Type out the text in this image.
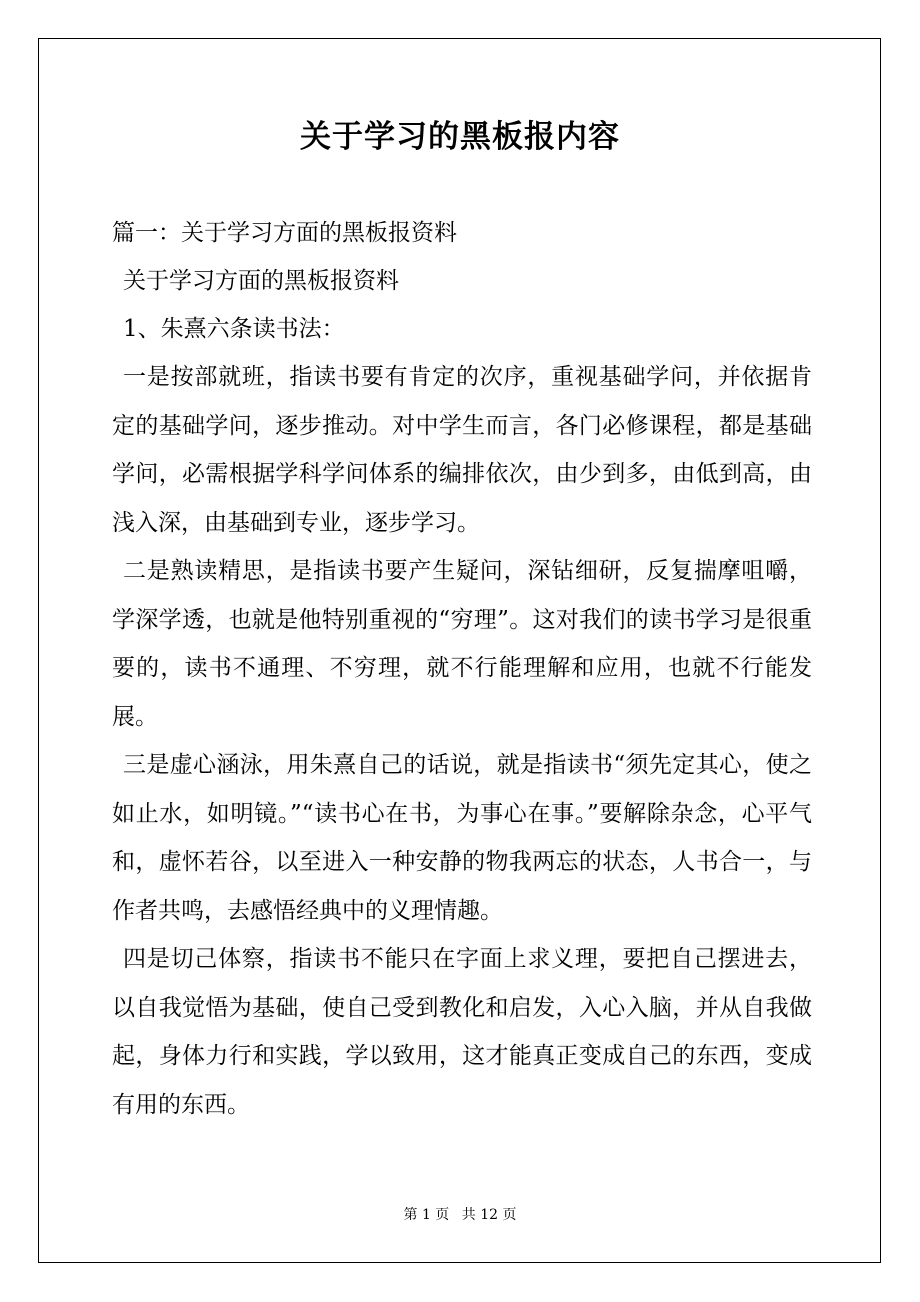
关于学习的黑板报内容
篇一：关于学习方面的黑板报资料
关于学习方面的黑板报资料
1、朱熹六条读书法：

一是按部就班，指读书要有肯定的次序，重视基础学问，并依据肯定的基础学问，逐步推动。对中学生而言，各门必修课程，都是基础学问，必需根据学科学问体系的编排依次，由少到多，由低到高，由浅入深，由基础到专业，逐步学习。

二是熟读精思，是指读书要产生疑问，深钻细研，反复揣摩咀嚼，学深学透，也就是他特别重视的“穷理”。这对我们的读书学习是很重要的，读书不通理、不穷理，就不行能理解和应用，也就不行能发展。

三是虚心涵泳，用朱熹自己的话说，就是指读书“须先定其心，使之如止水，如明镜。”“读书心在书，为事心在事。”要解除杂念，心平气和，虚怀若谷，以至进入一种安静的物我两忘的状态，人书合一，与作者共鸣，去感悟经典中的义理情趣。

四是切己体察，指读书不能只在字面上求义理，要把自己摆进去，以自我觉悟为基础，使自己受到教化和启发，入心入脑，并从自我做起，身体力行和实践，学以致用，这才能真正变成自己的东西，变成有用的东西。

第 1 页 共 12 页
